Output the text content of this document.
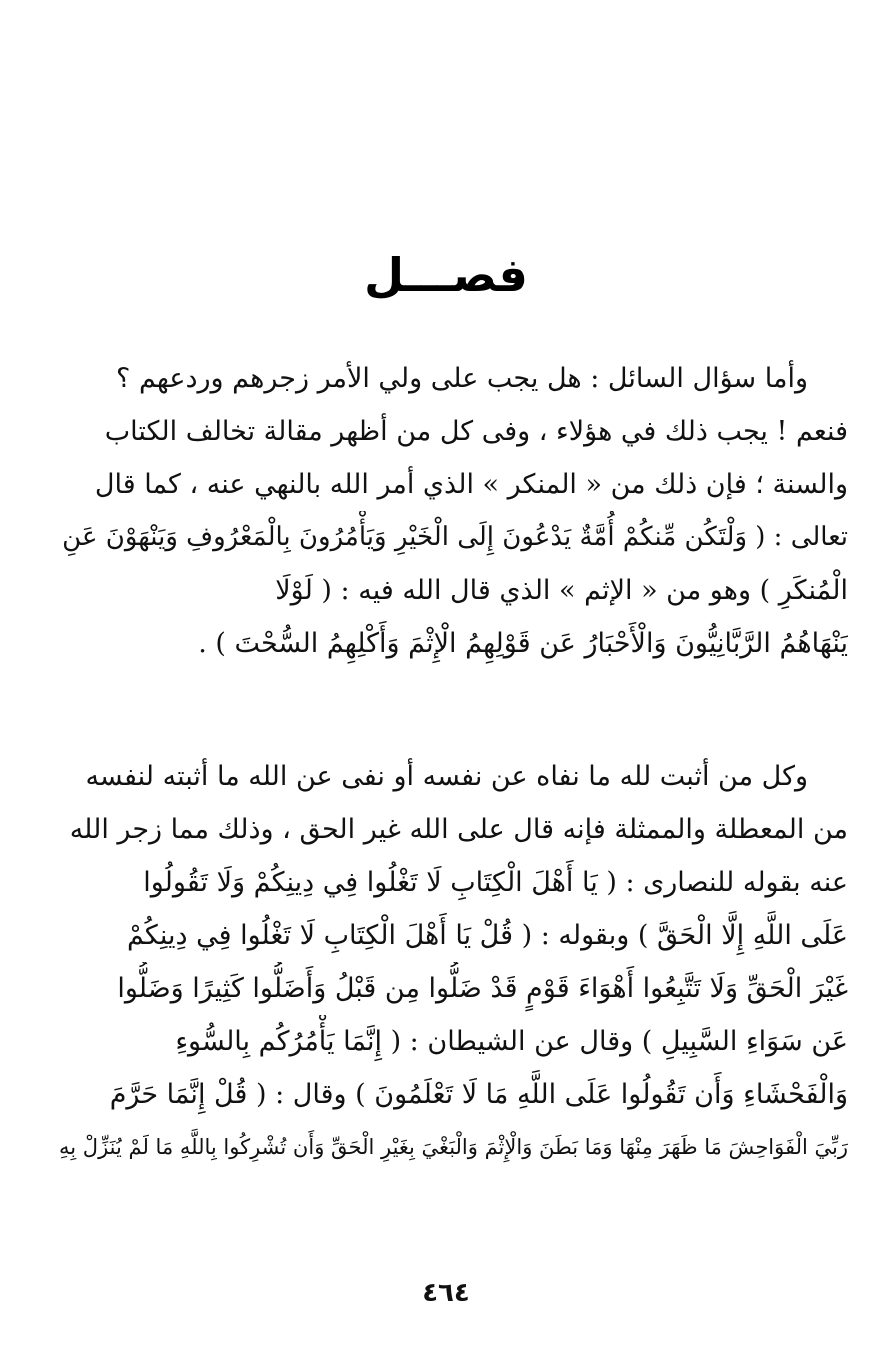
فصـــل
وأما سؤال السائل : هل يجب على ولي الأمر زجرهم وردعهم ؟
فنعم ! يجب ذلك في هؤلاء ، وفى كل من أظهر مقالة تخالف الكتاب
والسنة ؛ فإن ذلك من « المنكر » الذي أمر الله بالنهي عنه ، كما قال
تعالى : ( وَلْتَكُن مِّنكُمْ أُمَّةٌ يَدْعُونَ إِلَى الْخَيْرِ وَيَأْمُرُونَ بِالْمَعْرُوفِ وَيَنْهَوْنَ عَنِ
الْمُنكَرِ ) وهو من « الإثم » الذي قال الله فيه : ( لَوْلَا
يَنْهَاهُمُ الرَّبَّانِيُّونَ وَالْأَحْبَارُ عَن قَوْلِهِمُ الْإِثْمَ وَأَكْلِهِمُ السُّحْتَ ) .
وكل من أثبت لله ما نفاه عن نفسه أو نفى عن الله ما أثبته لنفسه
من المعطلة والممثلة فإنه قال على الله غير الحق ، وذلك مما زجر الله
عنه بقوله للنصارى : ( يَا أَهْلَ الْكِتَابِ لَا تَغْلُوا فِي دِينِكُمْ وَلَا تَقُولُوا
عَلَى اللَّهِ إِلَّا الْحَقَّ ) وبقوله : ( قُلْ يَا أَهْلَ الْكِتَابِ لَا تَغْلُوا فِي دِينِكُمْ
غَيْرَ الْحَقِّ وَلَا تَتَّبِعُوا أَهْوَاءَ قَوْمٍ قَدْ ضَلُّوا مِن قَبْلُ وَأَضَلُّوا كَثِيرًا وَضَلُّوا
عَن سَوَاءِ السَّبِيلِ ) وقال عن الشيطان : ( إِنَّمَا يَأْمُرُكُم بِالسُّوءِ
وَالْفَحْشَاءِ وَأَن تَقُولُوا عَلَى اللَّهِ مَا لَا تَعْلَمُونَ ) وقال : ( قُلْ إِنَّمَا حَرَّمَ
رَبِّيَ الْفَوَاحِشَ مَا ظَهَرَ مِنْهَا وَمَا بَطَنَ وَالْإِثْمَ وَالْبَغْيَ بِغَيْرِ الْحَقِّ وَأَن تُشْرِكُوا بِاللَّهِ مَا لَمْ يُنَزِّلْ بِهِ
٤٦٤
